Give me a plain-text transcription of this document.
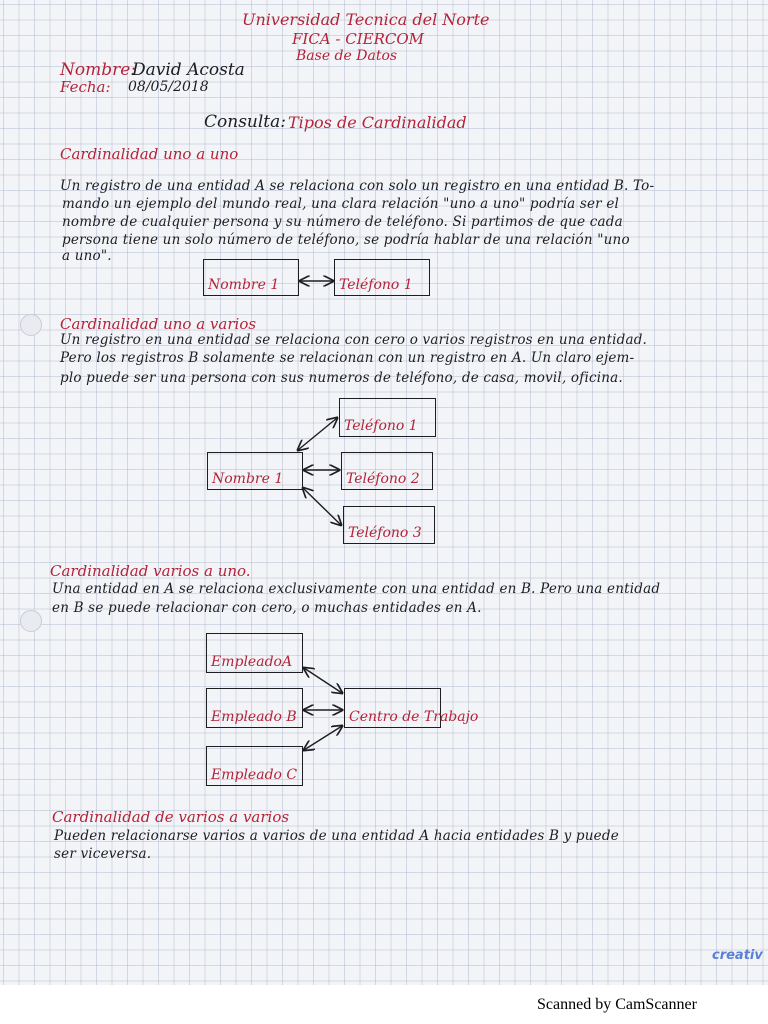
Universidad Tecnica del Norte
FICA - CIERCOM
Base de Datos
Nombre:
David Acosta
Fecha: 08/05/2018
Consulta: Tipos de Cardinalidad
Cardinalidad uno a uno
Un registro de una entidad A se relaciona con solo un registro en una entidad B. To-
mando un ejemplo del mundo real, una clara relación "uno a uno" podría ser el
nombre de cualquier persona y su número de teléfono. Si partimos de que cada
persona tiene un solo número de teléfono, se podría hablar de una relación "uno
a uno".
Nombre 1	Teléfono 1
Cardinalidad uno a varios
Un registro en una entidad se relaciona con cero o varios registros en una entidad.
Pero los registros B solamente se relacionan con un registro en A. Un claro ejem-
plo puede ser una persona con sus numeros de teléfono, de casa, movil, oficina.
Nombre 1
Teléfono 1
Teléfono 2
Teléfono 3
Cardinalidad varios a uno.
Una entidad en A se relaciona exclusivamente con una entidad en B. Pero una entidad
en B se puede relacionar con cero, o muchas entidades en A.
EmpleadoA
Empleado B
Empleado C
Centro de Trabajo
Cardinalidad de varios a varios
Pueden relacionarse varios a varios de una entidad A hacia entidades B y puede
ser viceversa.
creativ
Scanned by CamScanner
